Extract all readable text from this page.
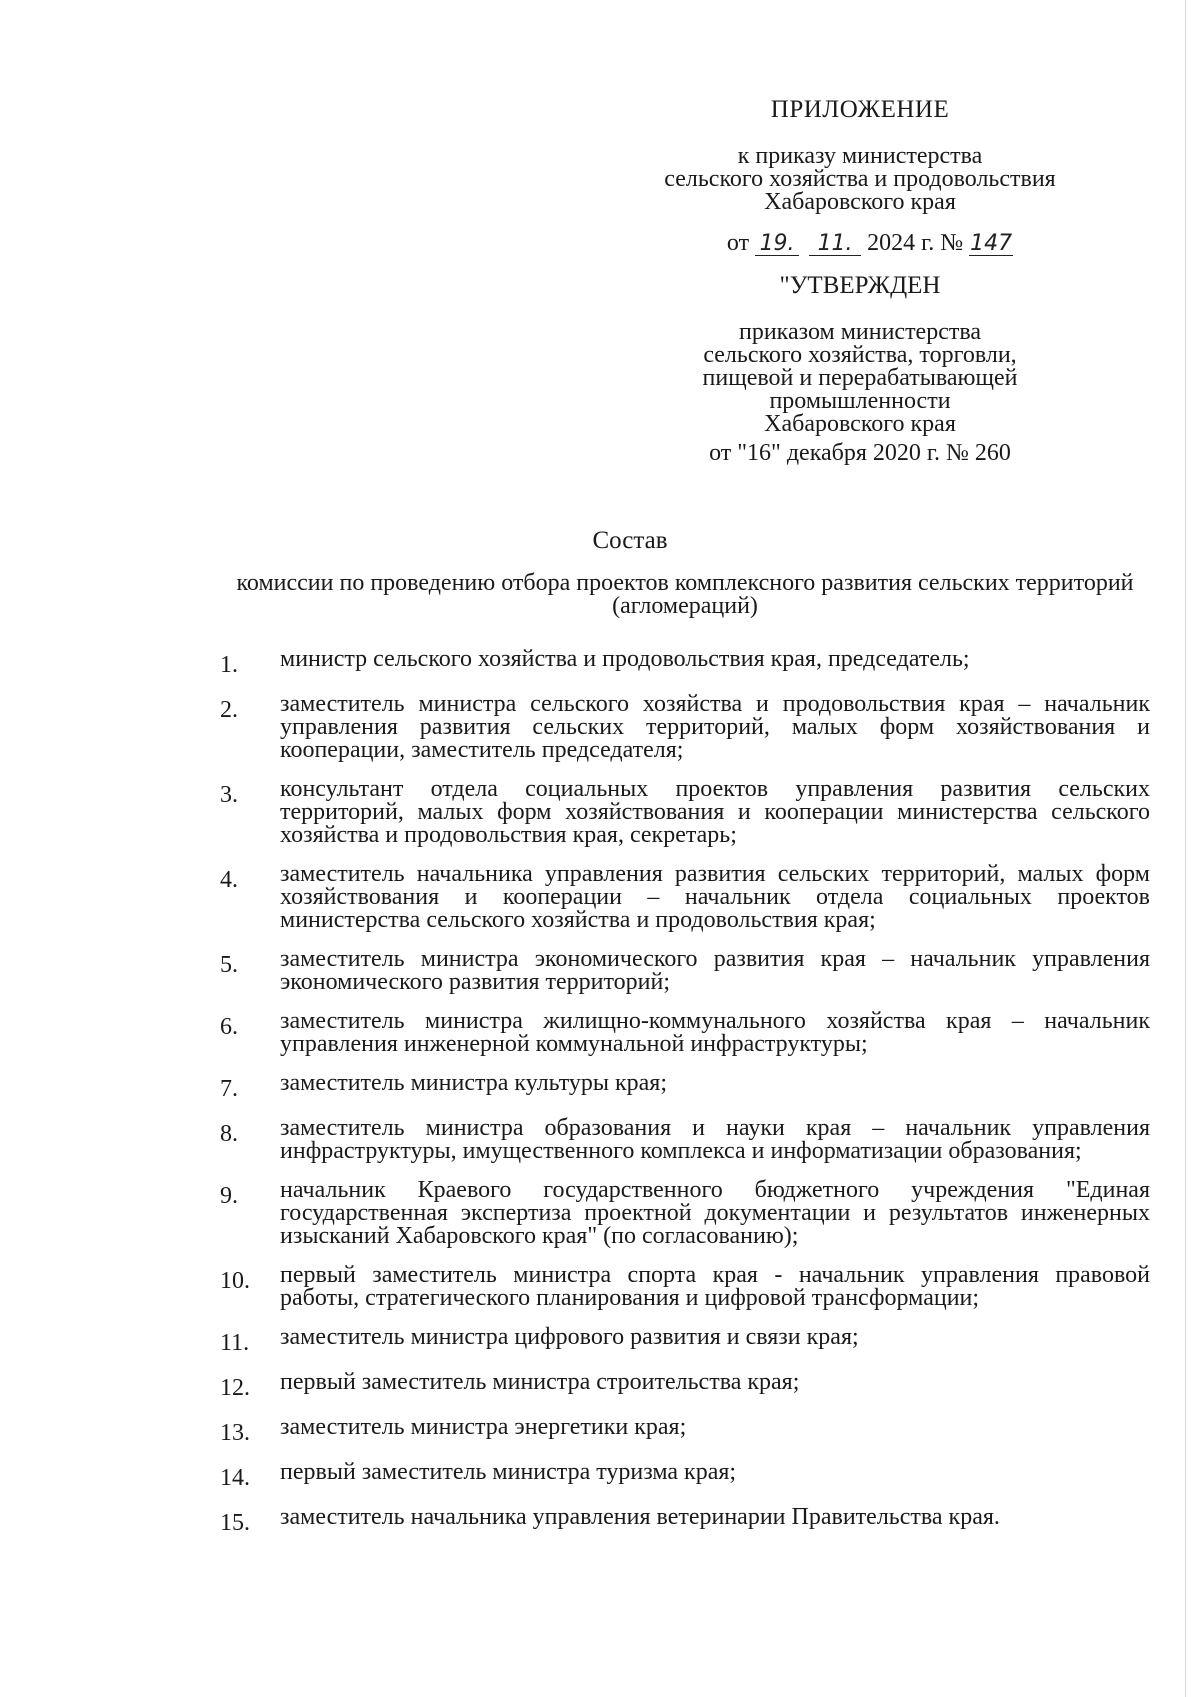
ПРИЛОЖЕНИЕ
к приказу министерства
сельского хозяйства и продовольствия
Хабаровского края
от 19. 11. 2024 г. № 147
"УТВЕРЖДЕН
приказом министерства
сельского хозяйства, торговли,
пищевой и перерабатывающей
промышленности
Хабаровского края
от "16" декабря 2020 г. № 260
Состав
комиссии по проведению отбора проектов комплексного развития сельских территорий (агломераций)
1.	министр сельского хозяйства и продовольствия края, председатель;
2.	заместитель министра сельского хозяйства и продовольствия края – начальник управления развития сельских территорий, малых форм хозяйствования и кооперации, заместитель председателя;
3.	консультант отдела социальных проектов управления развития сельских территорий, малых форм хозяйствования и кооперации министерства сельского хозяйства и продовольствия края, секретарь;
4.	заместитель начальника управления развития сельских территорий, малых форм хозяйствования и кооперации – начальник отдела социальных проектов министерства сельского хозяйства и продовольствия края;
5.	заместитель министра экономического развития края – начальник управления экономического развития территорий;
6.	заместитель министра жилищно-коммунального хозяйства края – начальник управления инженерной коммунальной инфраструктуры;
7.	заместитель министра культуры края;
8.	заместитель министра образования и науки края – начальник управления инфраструктуры, имущественного комплекса и информатизации образования;
9.	начальник Краевого государственного бюджетного учреждения "Единая государственная экспертиза проектной документации и результатов инженерных изысканий Хабаровского края" (по согласованию);
10.	первый заместитель министра спорта края - начальник управления правовой работы, стратегического планирования и цифровой трансформации;
11.	заместитель министра цифрового развития и связи края;
12.	первый заместитель министра строительства края;
13.	заместитель министра энергетики края;
14.	первый заместитель министра туризма края;
15.	заместитель начальника управления ветеринарии Правительства края.
